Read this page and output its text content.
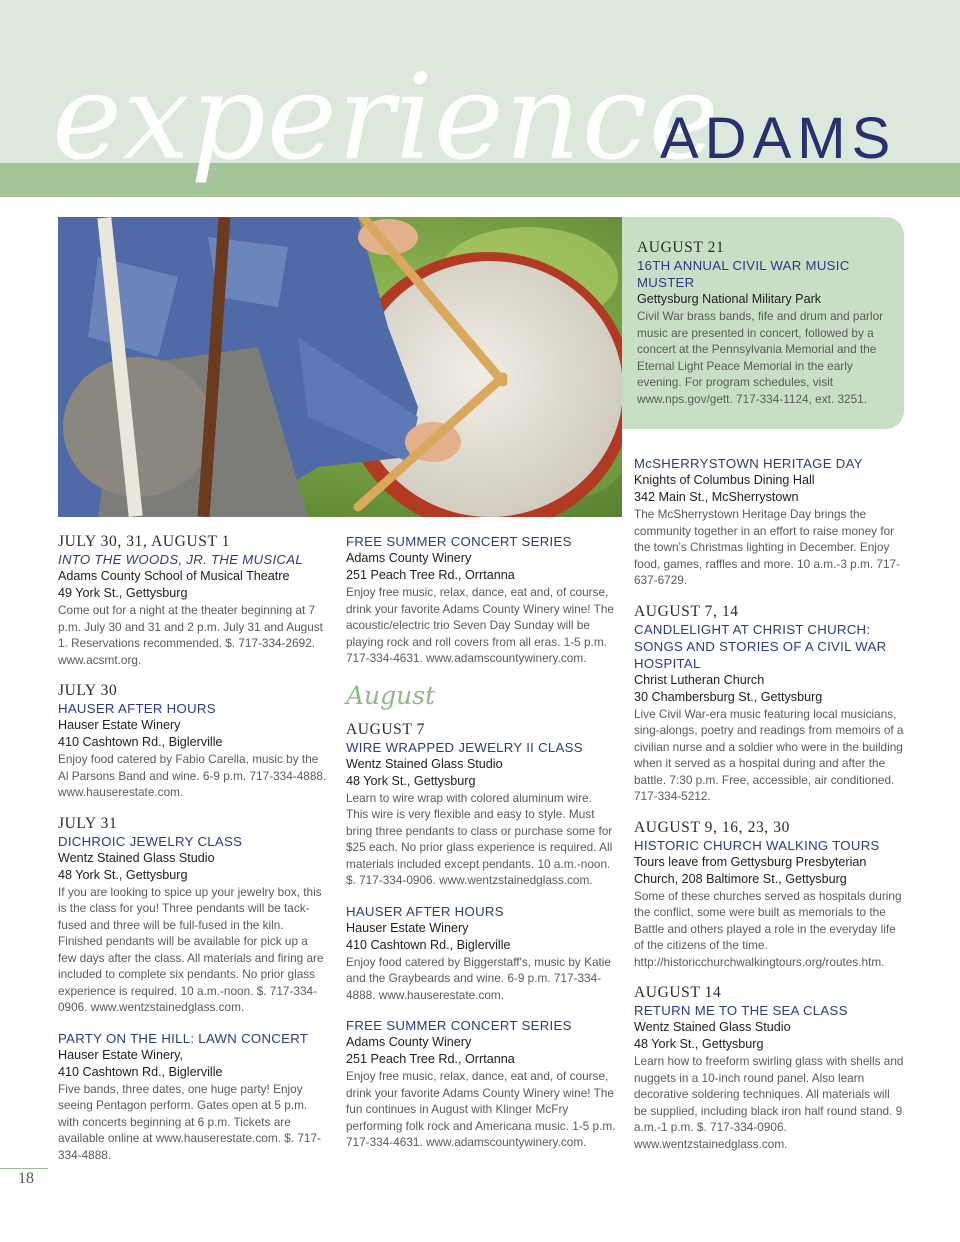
experience
ADAMS
AUGUST 21
16TH ANNUAL CIVIL WAR MUSIC
MUSTER
Gettysburg National Military Park
Civil War brass bands, fife and drum and parlor music are presented in concert, followed by a concert at the Pennsylvania Memorial and the Eternal Light Peace Memorial in the early evening. For program schedules, visit www.nps.gov/gett. 717-334-1124, ext. 3251.
JULY 30, 31, AUGUST 1
INTO THE WOODS, JR. THE MUSICAL
Adams County School of Musical Theatre
49 York St., Gettysburg
Come out for a night at the theater beginning at 7 p.m. July 30 and 31 and 2 p.m. July 31 and August 1. Reservations recommended. $. 717-334-2692. www.acsmt.org.
JULY 30
HAUSER AFTER HOURS
Hauser Estate Winery
410 Cashtown Rd., Biglerville
Enjoy food catered by Fabio Carella, music by the Al Parsons Band and wine. 6-9 p.m. 717-334-4888. www.hauserestate.com.
JULY 31
DICHROIC JEWELRY CLASS
Wentz Stained Glass Studio
48 York St., Gettysburg
If you are looking to spice up your jewelry box, this is the class for you! Three pendants will be tack-fused and three will be full-fused in the kiln. Finished pendants will be available for pick up a few days after the class. All materials and firing are included to complete six pendants. No prior glass experience is required. 10 a.m.-noon. $. 717-334-0906. www.wentzstainedglass.com.
PARTY ON THE HILL: LAWN CONCERT
Hauser Estate Winery,
410 Cashtown Rd., Biglerville
Five bands, three dates, one huge party! Enjoy seeing Pentagon perform. Gates open at 5 p.m. with concerts beginning at 6 p.m. Tickets are available online at www.hauserestate.com. $. 717-334-4888.
FREE SUMMER CONCERT SERIES
Adams County Winery
251 Peach Tree Rd., Orrtanna
Enjoy free music, relax, dance, eat and, of course, drink your favorite Adams County Winery wine! The acoustic/electric trio Seven Day Sunday will be playing rock and roll covers from all eras. 1-5 p.m. 717-334-4631. www.adamscountywinery.com.
August
AUGUST 7
WIRE WRAPPED JEWELRY II CLASS
Wentz Stained Glass Studio
48 York St., Gettysburg
Learn to wire wrap with colored aluminum wire. This wire is very flexible and easy to style. Must bring three pendants to class or purchase some for $25 each. No prior glass experience is required. All materials included except pendants. 10 a.m.-noon. $. 717-334-0906. www.wentzstainedglass.com.
HAUSER AFTER HOURS
Hauser Estate Winery
410 Cashtown Rd., Biglerville
Enjoy food catered by Biggerstaff's, music by Katie and the Graybeards and wine. 6-9 p.m. 717-334-4888. www.hauserestate.com.
FREE SUMMER CONCERT SERIES
Adams County Winery
251 Peach Tree Rd., Orrtanna
Enjoy free music, relax, dance, eat and, of course, drink your favorite Adams County Winery wine! The fun continues in August with Klinger McFry performing folk rock and Americana music. 1-5 p.m. 717-334-4631. www.adamscountywinery.com.
McSHERRYSTOWN HERITAGE DAY
Knights of Columbus Dining Hall
342 Main St., McSherrystown
The McSherrystown Heritage Day brings the community together in an effort to raise money for the town's Christmas lighting in December. Enjoy food, games, raffles and more. 10 a.m.-3 p.m. 717-637-6729.
AUGUST 7, 14
CANDLELIGHT AT CHRIST CHURCH: SONGS AND STORIES OF A CIVIL WAR HOSPITAL
Christ Lutheran Church
30 Chambersburg St., Gettysburg
Live Civil War-era music featuring local musicians, sing-alongs, poetry and readings from memoirs of a civilian nurse and a soldier who were in the building when it served as a hospital during and after the battle. 7:30 p.m. Free, accessible, air conditioned. 717-334-5212.
AUGUST 9, 16, 23, 30
HISTORIC CHURCH WALKING TOURS
Tours leave from Gettysburg Presbyterian Church, 208 Baltimore St., Gettysburg
Some of these churches served as hospitals during the conflict, some were built as memorials to the Battle and others played a role in the everyday life of the citizens of the time. http://historicchurchwalkingtours.org/routes.htm.
AUGUST 14
RETURN ME TO THE SEA CLASS
Wentz Stained Glass Studio
48 York St., Gettysburg
Learn how to freeform swirling glass with shells and nuggets in a 10-inch round panel. Also learn decorative soldering techniques. All materials will be supplied, including black iron half round stand. 9 a.m.-1 p.m. $. 717-334-0906. www.wentzstainedglass.com.
18
